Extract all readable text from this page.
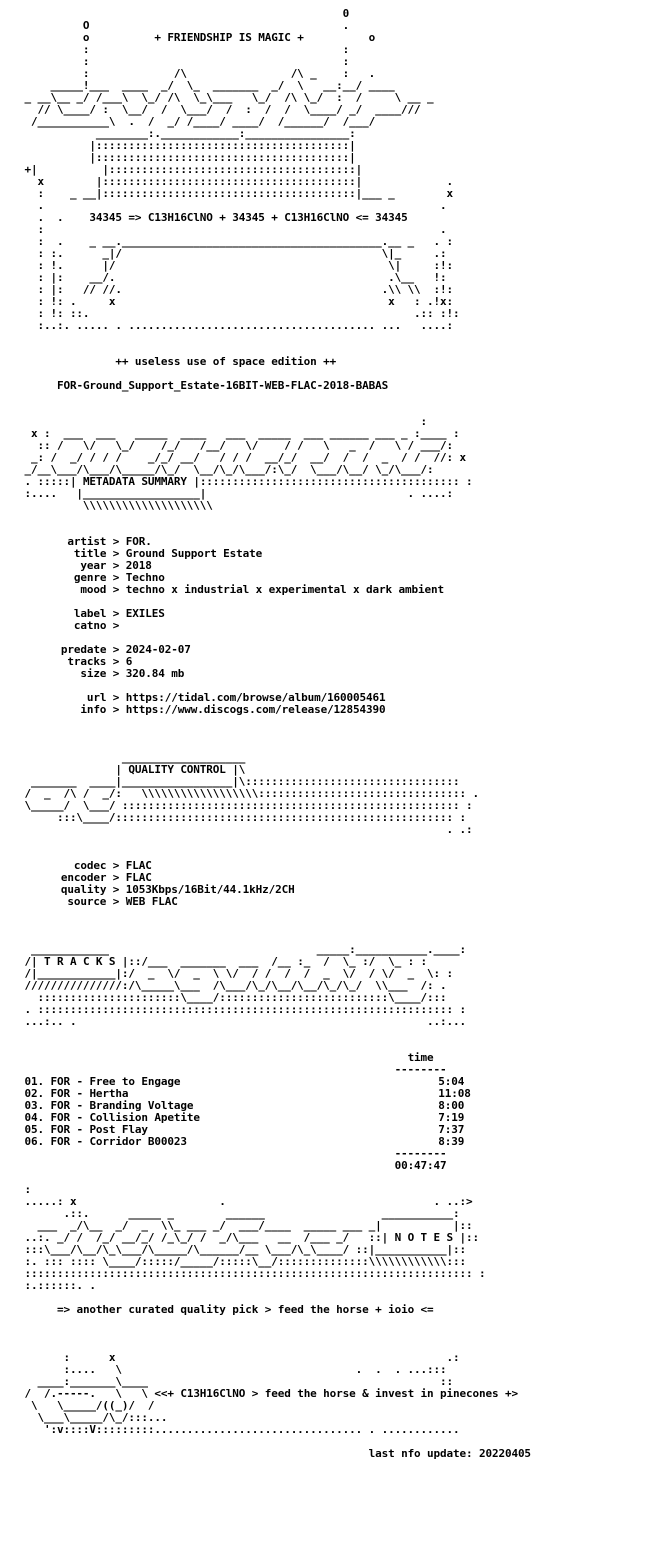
0
O                                       .
o	+ FRIENDSHIP IS MAGIC +	o
:                                       :
:                                       :
:             /\                /\ _    :   .
_____!___  ____  _/  \_  _______  _/  \   __:__/ ____
_ __\__ _/ /___\  \_/ /\  \_\___   \_/  /\ \_/  :  /     \ __ _
// \____/ :  \__/  /  \___/  /  :  /  /  \____/ _/  ____///
/___________\  .  /  _/ /____/ ____/  /______/  /___/
________:.____________:________________:
|:::::::::::::::::::::::::::::::::::::::|
|:::::::::::::::::::::::::::::::::::::::|
+|          |::::::::::::::::::::::::::::::::::::::|
x        |:::::::::::::::::::::::::::::::::::::::|             .
:    _ __|:::::::::::::::::::::::::::::::::::::::|___ _        x
.                                                             .
.  .    34345 => C13H16ClNO + 34345 + C13H16ClNO <= 34345
:                                                             .
:  .    _ __.________________________________________.__ _   . :
: :.      _|/                                        \|_     .:
: !.      |/                                          \|     :!:
: |:    __/.                                          .\__   !:
: |:   // //.                                        .\\ \\  :!:
: !: .     x                                          x   : .!x:
: !: ::.                                                  .:: :!:
:..:. ..... . ...................................... ...   ....:

++ useless use of space edition ++

FOR-Ground_Support_Estate-16BIT-WEB-FLAC-2018-BABAS

:
x :  ___  ___   _____  ____   ___  _____  ___ ______ ___ _ :____ :
:: /   \/   \_/    /_/   /__/   \/    / /   \   _  /   \ / ___/:
_: /  _/ / / /    _/_/ __/   / / /  __/_/  __/  /  /  _  / /  //: x
_/__\___/\___/\_____/\_/  \__/\_/\___/:\_/  \___/\__/ \_/\___/:
. :::::| METADATA SUMMARY |:::::::::::::::::::::::::::::::::::::::: :
:....   |__________________|                               . ....:
\\\\\\\\\\\\\\\\\\\\

artist > FOR.
title > Ground Support Estate
year > 2018
genre > Techno
mood > techno x industrial x experimental x dark ambient

label > EXILES
catno >

predate > 2024-02-07
tracks > 6
size > 320.84 mb

url > https://tidal.com/browse/album/160005461
info > https://www.discogs.com/release/12854390

___________________
| QUALITY CONTROL |\
_______  ____|_________________|\:::::::::::::::::::::::::::::::::
/  _  /\ /  _/:   \\\\\\\\\\\\\\\\\\:::::::::::::::::::::::::::::::: .
\_____/  \___/ :::::::::::::::::::::::::::::::::::::::::::::::::::: :
:::\____/:::::::::::::::::::::::::::::::::::::::::::::::::::: :
. .:

codec > FLAC
encoder > FLAC
quality > 1053Kbps/16Bit/44.1kHz/2CH
source > WEB FLAC

____________                                _____:___________.____:
/| T R A C K S |::/___  _______  ___  /__ :_  /  \_ :/  \_ : :
/|____________|:/  _  \/  _  \ \/  / /  /  /  _  \/  / \/  _  \: :
///////////////:/\_____\___  /\___/\_/\__/\__/\_/\_/  \\___  /: .
::::::::::::::::::::::\____/::::::::::::::::::::::::::\____/:::
. :::::::::::::::::::::::::::::::::::::::::::::::::::::::::::::::: :
...:.. .                                                      ..:...

time
--------
01. FOR - Free to Engage	5:04
02. FOR - Hertha	11:08
03. FOR - Branding Voltage	8:00
04. FOR - Collision Apetite	7:19
05. FOR - Post Flay	7:37
06. FOR - Corridor B00023	8:39
--------
00:47:47

:
.....: x                      .                                . ..:>
.::.      _____ _        ______                  ___________:
___  _/\__  _/  _  \\_ ___ _/  ___/____  _____ ___ _|           |::
..:. _/ /  /_/ __/_/ /_\_/ /  _/\___   __  /___ _/   ::| N O T E S |::
:::\___/\__/\_\___/\_____/\______/__ \___/\_\____/ ::|___________|::
:. ::: :::: \____/:::::/_____/:::::\__/::::::::::::::\\\\\\\\\\\\:::
::::::::::::::::::::::::::::::::::::::::::::::::::::::::::::::::::::: :
:.::::::. .

=> another curated quality pick > feed the horse + ioio <=

:      x                                                   .:
:....   \                                    .  .  . ...:::
____:_______\____                                             ::
/  /.-----.   \   \ <<+ C13H16ClNO > feed the horse & invest in pinecones +>
\   \_____/((_)/  /
\___\_____/\_/:::...
':v::::V:::::::::................................ . ............

last nfo update: 20220405
